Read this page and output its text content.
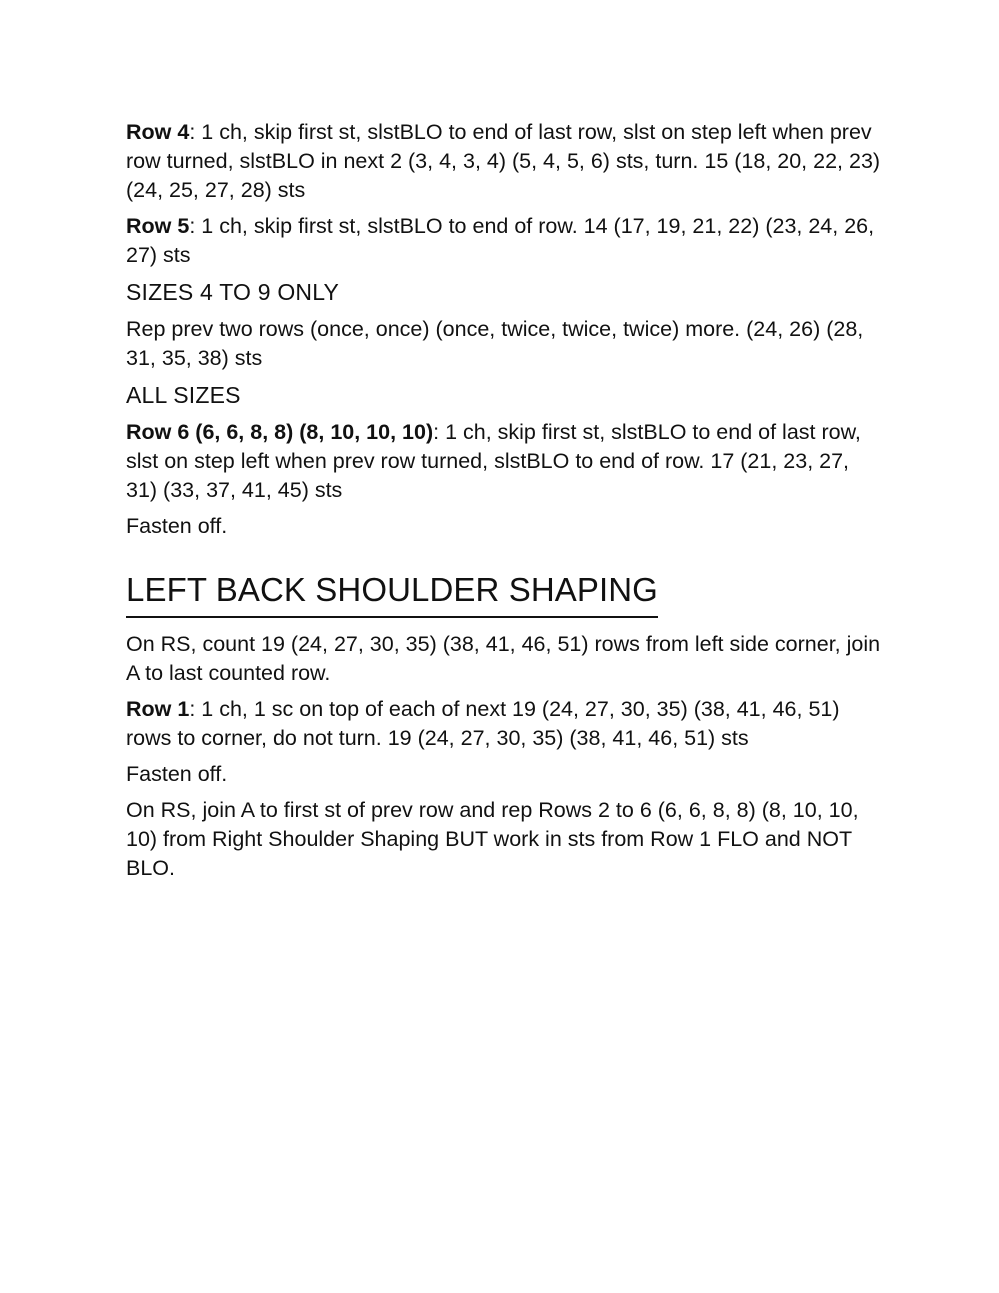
Row 4: 1 ch, skip first st, slstBLO to end of last row, slst on step left when prev row turned, slstBLO in next 2 (3, 4, 3, 4) (5, 4, 5, 6) sts, turn. 15 (18, 20, 22, 23) (24, 25, 27, 28) sts

Row 5: 1 ch, skip first st, slstBLO to end of row. 14 (17, 19, 21, 22) (23, 24, 26, 27) sts

SIZES 4 TO 9 ONLY

Rep prev two rows (once, once) (once, twice, twice, twice) more. (24, 26) (28, 31, 35, 38) sts

ALL SIZES

Row 6 (6, 6, 8, 8) (8, 10, 10, 10): 1 ch, skip first st, slstBLO to end of last row, slst on step left when prev row turned, slstBLO to end of row. 17 (21, 23, 27, 31) (33, 37, 41, 45) sts

Fasten off.

LEFT BACK SHOULDER SHAPING

On RS, count 19 (24, 27, 30, 35) (38, 41, 46, 51) rows from left side corner, join A to last counted row.

Row 1: 1 ch, 1 sc on top of each of next 19 (24, 27, 30, 35) (38, 41, 46, 51) rows to corner, do not turn. 19 (24, 27, 30, 35) (38, 41, 46, 51) sts

Fasten off.

On RS, join A to first st of prev row and rep Rows 2 to 6 (6, 6, 8, 8) (8, 10, 10, 10) from Right Shoulder Shaping BUT work in sts from Row 1 FLO and NOT BLO.
